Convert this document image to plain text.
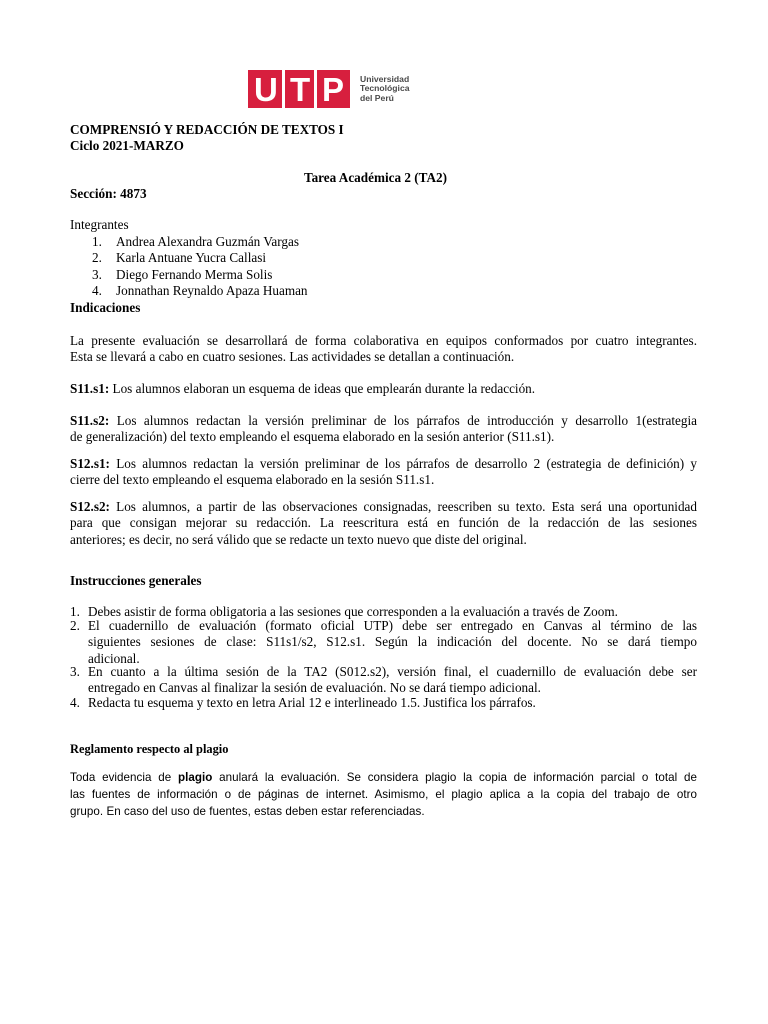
U T P Universidad
Tecnológica
del Perú
COMPRENSIÓ Y REDACCIÓN DE TEXTOS I
Ciclo 2021-MARZO
Tarea Académica 2 (TA2)
Sección: 4873
Integrantes
1. Andrea Alexandra Guzmán Vargas
2. Karla Antuane Yucra Callasi
3. Diego Fernando Merma Solis
4. Jonnathan Reynaldo Apaza Huaman
Indicaciones
La presente evaluación se desarrollará de forma colaborativa en equipos conformados por cuatro integrantes.
Esta se llevará a cabo en cuatro sesiones. Las actividades se detallan a continuación.
S11.s1: Los alumnos elaboran un esquema de ideas que emplearán durante la redacción.
S11.s2: Los alumnos redactan la versión preliminar de los párrafos de introducción y desarrollo 1(estrategia
de generalización) del texto empleando el esquema elaborado en la sesión anterior (S11.s1).
S12.s1: Los alumnos redactan la versión preliminar de los párrafos de desarrollo 2 (estrategia de definición) y
cierre del texto empleando el esquema elaborado en la sesión S11.s1.
S12.s2: Los alumnos, a partir de las observaciones consignadas, reescriben su texto. Esta será una oportunidad
para que consigan mejorar su redacción. La reescritura está en función de la redacción de las sesiones
anteriores; es decir, no será válido que se redacte un texto nuevo que diste del original.
Instrucciones generales
1. Debes asistir de forma obligatoria a las sesiones que corresponden a la evaluación a través de Zoom.
2. El cuadernillo de evaluación (formato oficial UTP) debe ser entregado en Canvas al término de las
siguientes sesiones de clase: S11s1/s2, S12.s1. Según la indicación del docente. No se dará tiempo
adicional.
3. En cuanto a la última sesión de la TA2 (S012.s2), versión final, el cuadernillo de evaluación debe ser
entregado en Canvas al finalizar la sesión de evaluación. No se dará tiempo adicional.
4. Redacta tu esquema y texto en letra Arial 12 e interlineado 1.5. Justifica los párrafos.
Reglamento respecto al plagio
Toda evidencia de plagio anulará la evaluación. Se considera plagio la copia de información parcial o total de
las fuentes de información o de páginas de internet. Asimismo, el plagio aplica a la copia del trabajo de otro
grupo. En caso del uso de fuentes, estas deben estar referenciadas.
